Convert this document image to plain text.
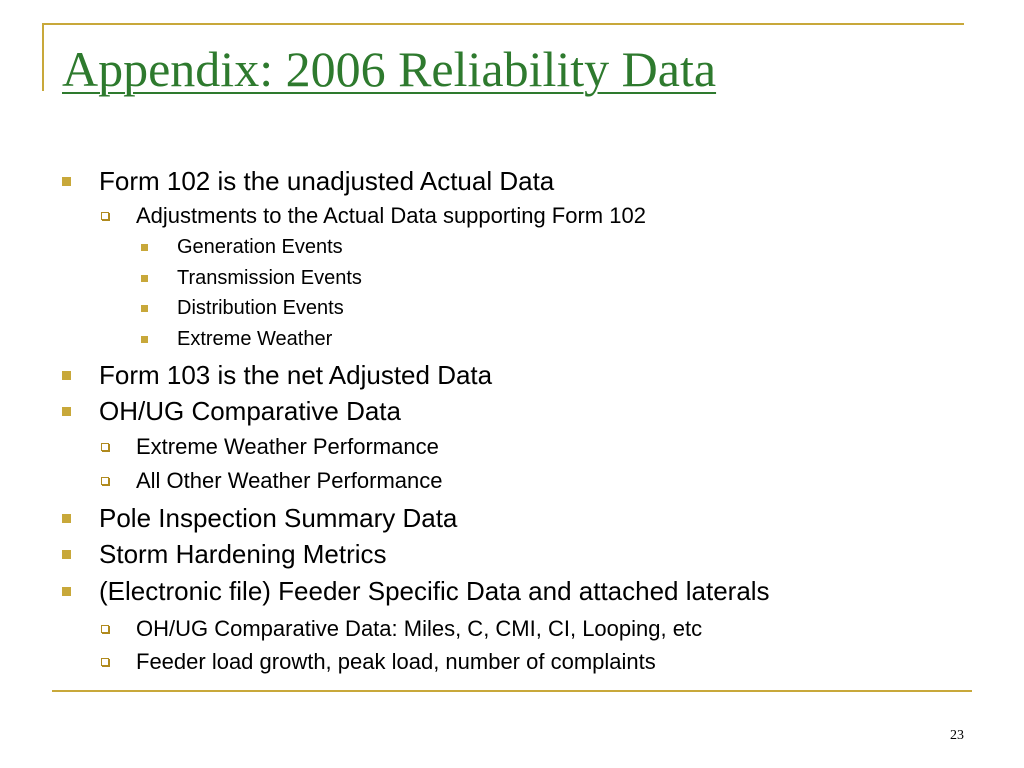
Appendix: 2006 Reliability Data
Form 102 is the unadjusted Actual Data
Adjustments to the Actual Data supporting Form 102
Generation Events
Transmission Events
Distribution Events
Extreme Weather
Form 103 is the net Adjusted Data
OH/UG Comparative Data
Extreme Weather Performance
All Other Weather Performance
Pole Inspection Summary Data
Storm Hardening Metrics
(Electronic file) Feeder Specific Data and attached laterals
OH/UG Comparative Data: Miles, C, CMI, CI, Looping, etc
Feeder load growth, peak load, number of complaints
23
